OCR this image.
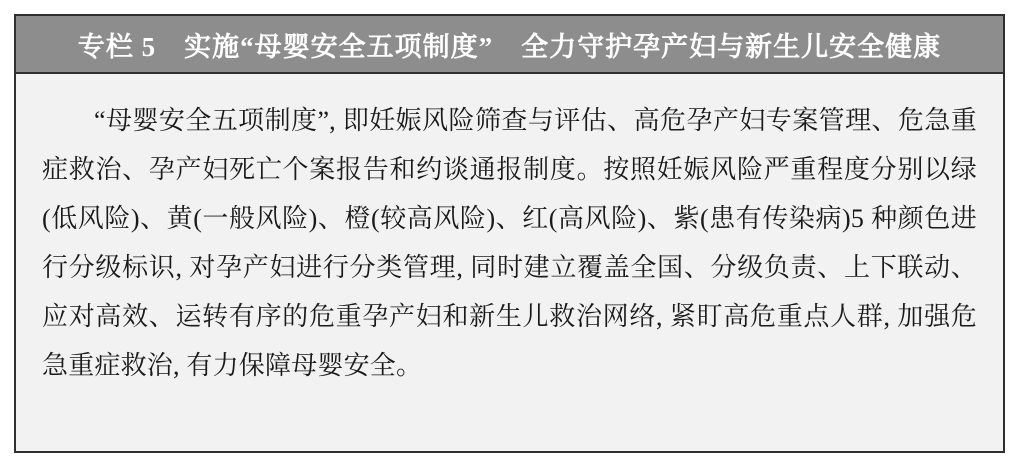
专栏 5　实施“母婴安全五项制度”　全力守护孕产妇与新生儿安全健康

“母婴安全五项制度”, 即妊娠风险筛查与评估、高危孕产妇专案管理、危急重症救治、孕产妇死亡个案报告和约谈通报制度。按照妊娠风险严重程度分别以绿(低风险)、黄(一般风险)、橙(较高风险)、红(高风险)、紫(患有传染病)5 种颜色进行分级标识, 对孕产妇进行分类管理, 同时建立覆盖全国、分级负责、上下联动、应对高效、运转有序的危重孕产妇和新生儿救治网络, 紧盯高危重点人群, 加强危急重症救治, 有力保障母婴安全。
